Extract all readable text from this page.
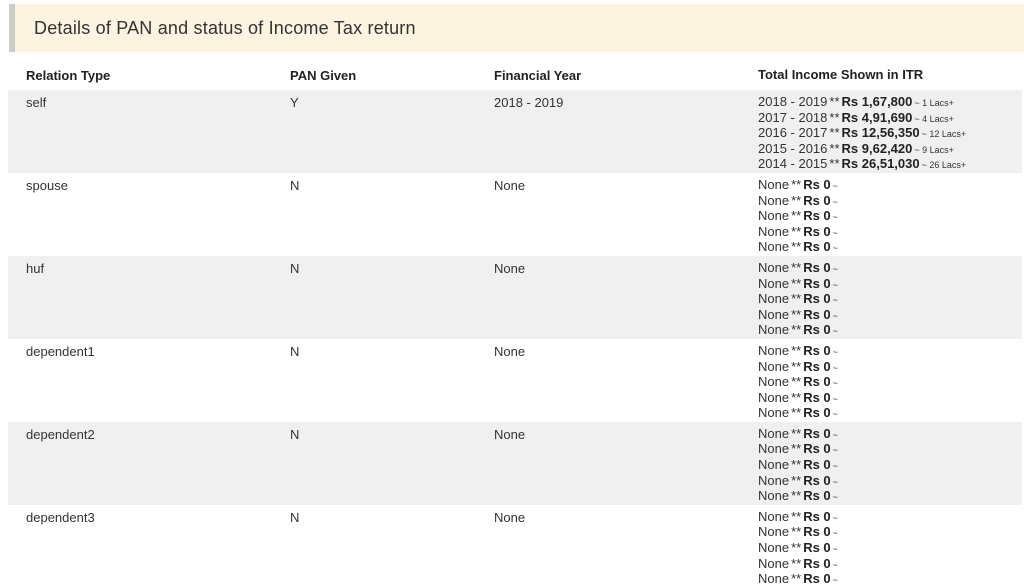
Details of PAN and status of Income Tax return
Relation Type	PAN Given	Financial Year	Total Income Shown in ITR
self	Y	2018 - 2019	2018 - 2019 ** Rs 1,67,800 ~ 1 Lacs+
2017 - 2018 ** Rs 4,91,690 ~ 4 Lacs+
2016 - 2017 ** Rs 12,56,350 ~ 12 Lacs+
2015 - 2016 ** Rs 9,62,420 ~ 9 Lacs+
2014 - 2015 ** Rs 26,51,030 ~ 26 Lacs+
spouse	N	None	None ** Rs 0 ~
None ** Rs 0 ~
None ** Rs 0 ~
None ** Rs 0 ~
None ** Rs 0 ~
huf	N	None	None ** Rs 0 ~
None ** Rs 0 ~
None ** Rs 0 ~
None ** Rs 0 ~
None ** Rs 0 ~
dependent1	N	None	None ** Rs 0 ~
None ** Rs 0 ~
None ** Rs 0 ~
None ** Rs 0 ~
None ** Rs 0 ~
dependent2	N	None	None ** Rs 0 ~
None ** Rs 0 ~
None ** Rs 0 ~
None ** Rs 0 ~
None ** Rs 0 ~
dependent3	N	None	None ** Rs 0 ~
None ** Rs 0 ~
None ** Rs 0 ~
None ** Rs 0 ~
None ** Rs 0 ~
